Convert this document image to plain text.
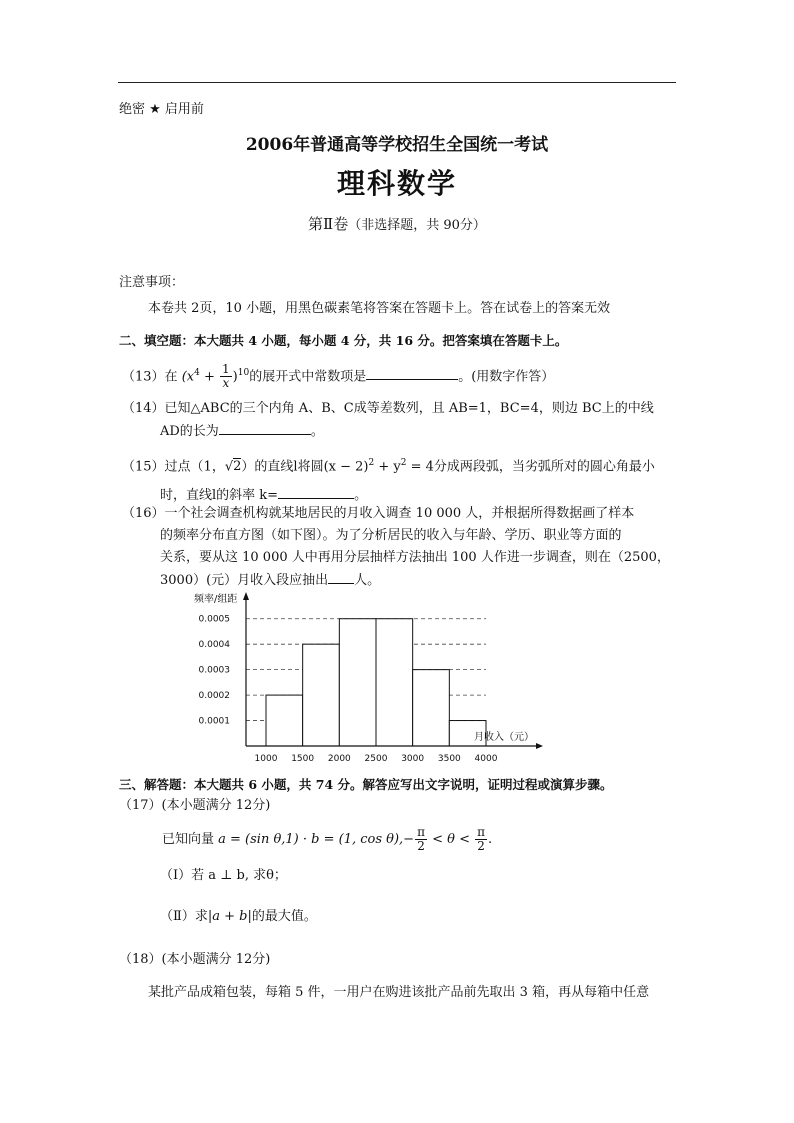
绝密 ★ 启用前
2006年普通高等学校招生全国统一考试
理科数学
第Ⅱ卷（非选择题，共 90分）
注意事项：
本卷共 2页，10 小题，用黑色碳素笔将答案在答题卡上。答在试卷上的答案无效
二、填空题：本大题共 4 小题，每小题 4 分，共 16 分。把答案填在答题卡上。
（13）在 $(x^4 + \frac{1}{x} )^{10}$的展开式中常数项是	。(用数字作答）
（14）已知△ABC的三个内角 A、B、C成等差数列，且 AB=1，BC=4，则边 BC上的中线
AD的长为	。
（15）过点（1，√2）的直线l将圆$(x - 2)^2 + y^2 = 4$分成两段弧，当劣弧所对的圆心角最小
时，直线l的斜率 k=	。
（16）一个社会调查机构就某地居民的月收入调查 10 000 人，并根据所得数据画了样本
的频率分布直方图（如下图）。为了分析居民的收入与年龄、学历、职业等方面的
关系，要从这 10 000 人中再用分层抽样方法抽出 100 人作进一步调查，则在（2500，
3000）(元）月收入段应抽出 人。
0.0001
0.0002
0.0003
0.0004
0.0005
1000 1500 2000 2500 3000 3500 4000
频率/组距
月收入（元）
三、解答题：本大题共 6 小题，共 74 分。解答应写出文字说明，证明过程或演算步骤。
（17）(本小题满分 12分)
已知向量 a = (sin θ,1) · b = (1, $\cos \theta),- \frac{\pi}{2} < \theta < \frac{\pi}{2}$ .
（Ⅰ）若 a ⊥ b, 求θ；
（Ⅱ）求|a + b|的最大值。
（18）(本小题满分 12分)
某批产品成箱包装，每箱 5 件，一用户在购进该批产品前先取出 3 箱，再从每箱中任意
